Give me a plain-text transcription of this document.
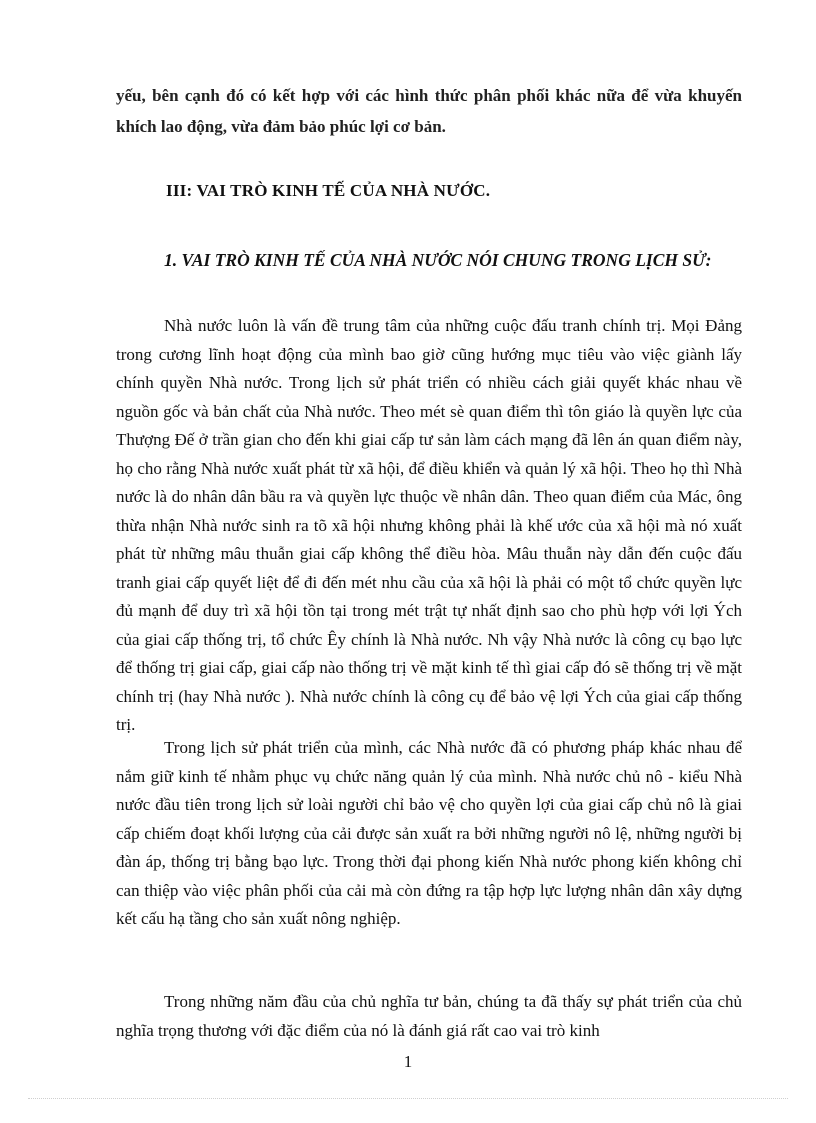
yếu, bên cạnh đó có kết hợp với các hình thức phân phối khác nữa để vừa khuyến khích lao động, vừa đảm bảo phúc lợi cơ bản.
III: VAI TRÒ KINH TẾ CỦA NHÀ NƯỚC.
1. VAI TRÒ KINH TẾ CỦA NHÀ NƯỚC NÓI CHUNG TRONG LỊCH SỬ:
Nhà nước luôn là vấn đề trung tâm của những cuộc đấu tranh chính trị. Mọi Đảng trong cương lĩnh hoạt động của mình bao giờ cũng hướng mục tiêu vào việc giành lấy chính quyền Nhà nước. Trong lịch sử phát triển có nhiều cách giải quyết khác nhau về nguồn gốc và bản chất của Nhà nước. Theo mét sè quan điểm thì tôn giáo là quyền lực của Thượng Đế ở trần gian cho đến khi giai cấp tư sản làm cách mạng đã lên án quan điểm này, họ cho rằng Nhà nước xuất phát từ xã hội, để điều khiển và quản lý xã hội. Theo họ thì Nhà nước là do nhân dân bầu ra và quyền lực thuộc về nhân dân. Theo quan điểm của Mác, ông thừa nhận Nhà nước sinh ra tõ xã hội nhưng không phải là khế ước của xã hội mà nó xuất phát từ những mâu thuẫn giai cấp không thể điều hòa. Mâu thuẫn này dẫn đến cuộc đấu tranh giai cấp quyết liệt để đi đến mét nhu cầu của xã hội là phải có một tổ chức quyền lực đủ mạnh để duy trì xã hội tồn tại trong mét trật tự nhất định sao cho phù hợp với lợi Ých của giai cấp thống trị, tổ chức Êy chính là Nhà nước. Nh vậy Nhà nước là công cụ bạo lực để thống trị giai cấp, giai cấp nào thống trị về mặt kinh tế thì giai cấp đó sẽ thống trị về mặt chính trị (hay Nhà nước ). Nhà nước chính là công cụ để bảo vệ lợi Ých của giai cấp thống trị.
Trong lịch sử phát triển của mình, các Nhà nước đã có phương pháp khác nhau để nắm giữ kinh tế nhằm phục vụ chức năng quản lý của mình. Nhà nước chủ nô - kiểu Nhà nước đầu tiên trong lịch sử loài người chỉ bảo vệ cho quyền lợi của giai cấp chủ nô là giai cấp chiếm đoạt khối lượng của cải được sản xuất ra bởi những người nô lệ, những người bị đàn áp, thống trị bằng bạo lực. Trong thời đại phong kiến Nhà nước phong kiến không chỉ can thiệp vào việc phân phối của cải mà còn đứng ra tập hợp lực lượng nhân dân xây dựng kết cấu hạ tầng cho sản xuất nông nghiệp.
Trong những năm đầu của chủ nghĩa tư bản, chúng ta đã thấy sự phát triển của chủ nghĩa trọng thương với đặc điểm của nó là đánh giá rất cao vai trò kinh
1
